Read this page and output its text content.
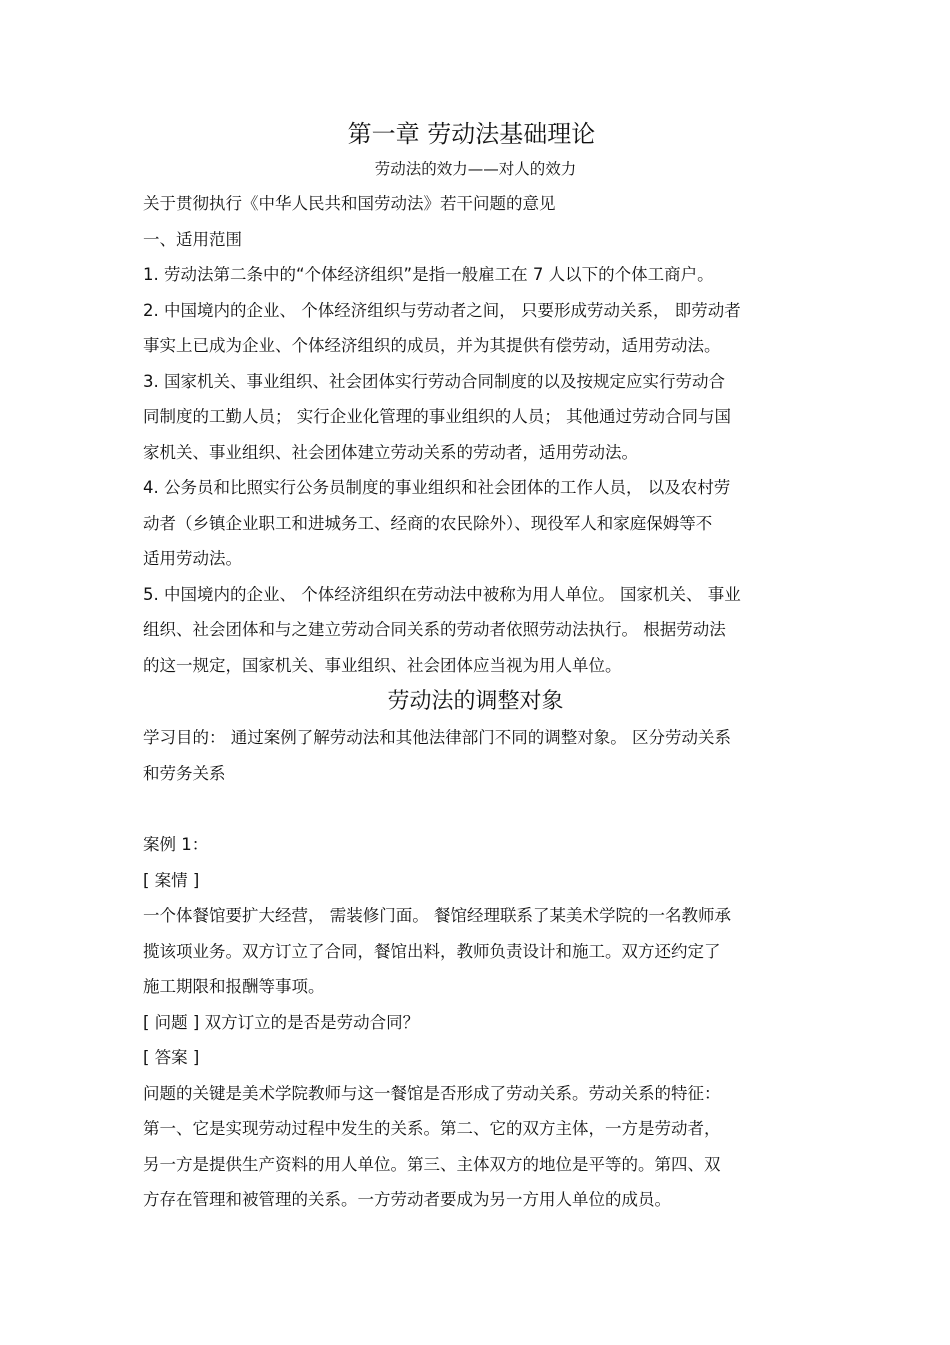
第一章 劳动法基础理论
劳动法的效力——对人的效力
关于贯彻执行《中华人民共和国劳动法》若干问题的意见
一、适用范围
1. 劳动法第二条中的“个体经济组织”是指一般雇工在 7 人以下的个体工商户。
2. 中国境内的企业、 个体经济组织与劳动者之间， 只要形成劳动关系， 即劳动者
事实上已成为企业、个体经济组织的成员，并为其提供有偿劳动，适用劳动法。
3. 国家机关、事业组织、社会团体实行劳动合同制度的以及按规定应实行劳动合
同制度的工勤人员； 实行企业化管理的事业组织的人员； 其他通过劳动合同与国
家机关、事业组织、社会团体建立劳动关系的劳动者，适用劳动法。
4. 公务员和比照实行公务员制度的事业组织和社会团体的工作人员， 以及农村劳
动者（乡镇企业职工和进城务工、经商的农民除外）、现役军人和家庭保姆等不
适用劳动法。
5. 中国境内的企业、 个体经济组织在劳动法中被称为用人单位。 国家机关、 事业
组织、社会团体和与之建立劳动合同关系的劳动者依照劳动法执行。 根据劳动法
的这一规定，国家机关、事业组织、社会团体应当视为用人单位。
劳动法的调整对象
学习目的： 通过案例了解劳动法和其他法律部门不同的调整对象。 区分劳动关系
和劳务关系
案例 1：
[ 案情 ]
一个体餐馆要扩大经营， 需装修门面。 餐馆经理联系了某美术学院的一名教师承
揽该项业务。双方订立了合同，餐馆出料，教师负责设计和施工。双方还约定了
施工期限和报酬等事项。
[ 问题 ] 双方订立的是否是劳动合同？
[ 答案 ]
问题的关键是美术学院教师与这一餐馆是否形成了劳动关系。劳动关系的特征：
第一、它是实现劳动过程中发生的关系。第二、它的双方主体，一方是劳动者，
另一方是提供生产资料的用人单位。第三、主体双方的地位是平等的。第四、双
方存在管理和被管理的关系。一方劳动者要成为另一方用人单位的成员。
